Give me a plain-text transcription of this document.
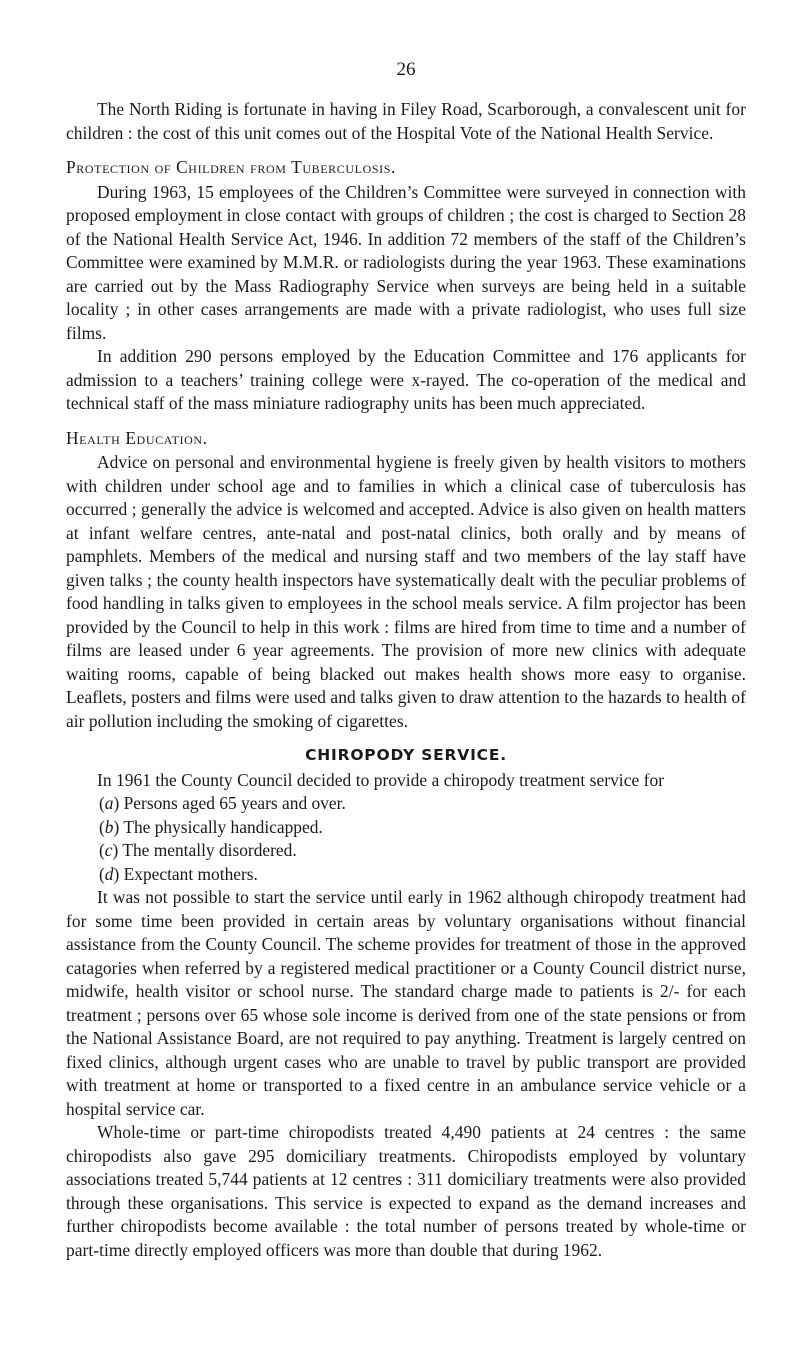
26

The North Riding is fortunate in having in Filey Road, Scarborough, a convalescent unit for children : the cost of this unit comes out of the Hospital Vote of the National Health Service.

Protection of Children from Tuberculosis.

During 1963, 15 employees of the Children’s Committee were surveyed in connection with proposed employment in close contact with groups of children ; the cost is charged to Section 28 of the National Health Service Act, 1946. In addition 72 members of the staff of the Children’s Committee were examined by M.M.R. or radiologists during the year 1963. These examinations are carried out by the Mass Radiography Service when surveys are being held in a suitable locality ; in other cases arrangements are made with a private radiologist, who uses full size films.

In addition 290 persons employed by the Education Committee and 176 applicants for admission to a teachers’ training college were x-rayed. The co-operation of the medical and technical staff of the mass miniature radiography units has been much appreciated.

Health Education.

Advice on personal and environmental hygiene is freely given by health visitors to mothers with children under school age and to families in which a clinical case of tuberculosis has occurred ; generally the advice is welcomed and accepted. Advice is also given on health matters at infant welfare centres, ante-natal and post-natal clinics, both orally and by means of pamphlets. Members of the medical and nursing staff and two members of the lay staff have given talks ; the county health inspectors have systematically dealt with the peculiar problems of food handling in talks given to employees in the school meals service. A film projector has been provided by the Council to help in this work : films are hired from time to time and a number of films are leased under 6 year agreements. The provision of more new clinics with adequate waiting rooms, capable of being blacked out makes health shows more easy to organise. Leaflets, posters and films were used and talks given to draw attention to the hazards to health of air pollution including the smoking of cigarettes.

CHIROPODY SERVICE.

In 1961 the County Council decided to provide a chiropody treatment service for

(a) Persons aged 65 years and over.
(b) The physically handicapped.
(c) The mentally disordered.
(d) Expectant mothers.

It was not possible to start the service until early in 1962 although chiropody treatment had for some time been provided in certain areas by voluntary organisations without financial assistance from the County Council. The scheme provides for treatment of those in the approved catagories when referred by a registered medical practitioner or a County Council district nurse, midwife, health visitor or school nurse. The standard charge made to patients is 2/- for each treatment ; persons over 65 whose sole income is derived from one of the state pensions or from the National Assistance Board, are not required to pay anything. Treatment is largely centred on fixed clinics, although urgent cases who are unable to travel by public transport are provided with treatment at home or transported to a fixed centre in an ambulance service vehicle or a hospital service car.

Whole-time or part-time chiropodists treated 4,490 patients at 24 centres : the same chiropodists also gave 295 domiciliary treatments. Chiropodists employed by voluntary associations treated 5,744 patients at 12 centres : 311 domiciliary treatments were also provided through these organisations. This service is expected to expand as the demand increases and further chiropodists become available : the total number of persons treated by whole-time or part-time directly employed officers was more than double that during 1962.
